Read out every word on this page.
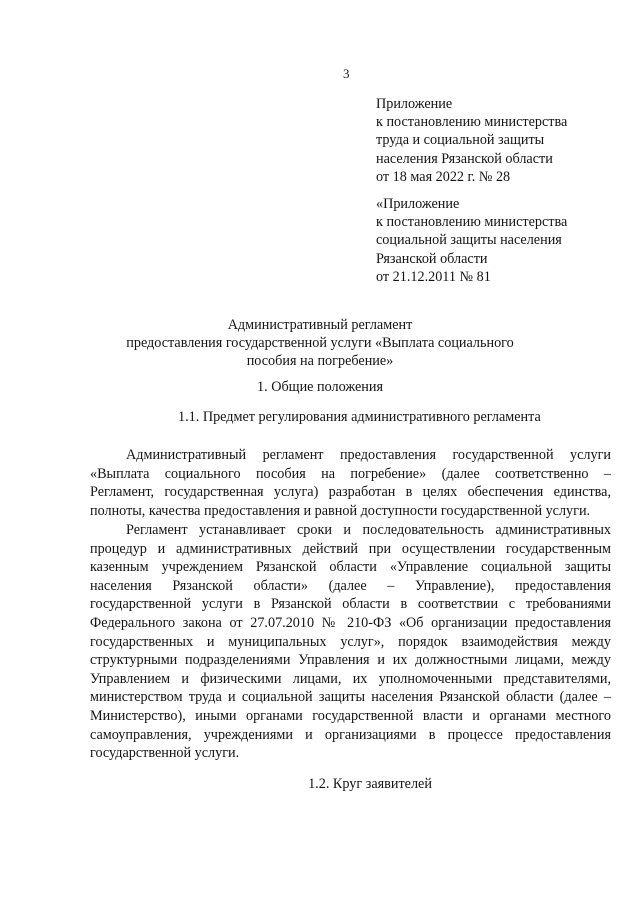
3
Приложение
к постановлению министерства
труда и социальной защиты
населения Рязанской области
от 18 мая 2022 г. № 28
«Приложение
к постановлению министерства
социальной защиты населения
Рязанской области
от 21.12.2011 № 81
Административный регламент
предоставления государственной услуги «Выплата социального
пособия на погребение»
1. Общие положения
1.1. Предмет регулирования административного регламента
Административный регламент предоставления государственной услуги
«Выплата социального пособия на погребение» (далее соответственно –
Регламент, государственная услуга) разработан в целях обеспечения единства,
полноты, качества предоставления и равной доступности государственной услуги.
Регламент устанавливает сроки и последовательность административных
процедур и административных действий при осуществлении государственным
казенным учреждением Рязанской области «Управление социальной защиты
населения Рязанской области» (далее – Управление), предоставления
государственной услуги в Рязанской области в соответствии с требованиями
Федерального закона от 27.07.2010 № 210-ФЗ «Об организации предоставления
государственных и муниципальных услуг», порядок взаимодействия между
структурными подразделениями Управления и их должностными лицами, между
Управлением и физическими лицами, их уполномоченными представителями,
министерством труда и социальной защиты населения Рязанской области (далее –
Министерство), иными органами государственной власти и органами местного
самоуправления, учреждениями и организациями в процессе предоставления
государственной услуги.
1.2. Круг заявителей
